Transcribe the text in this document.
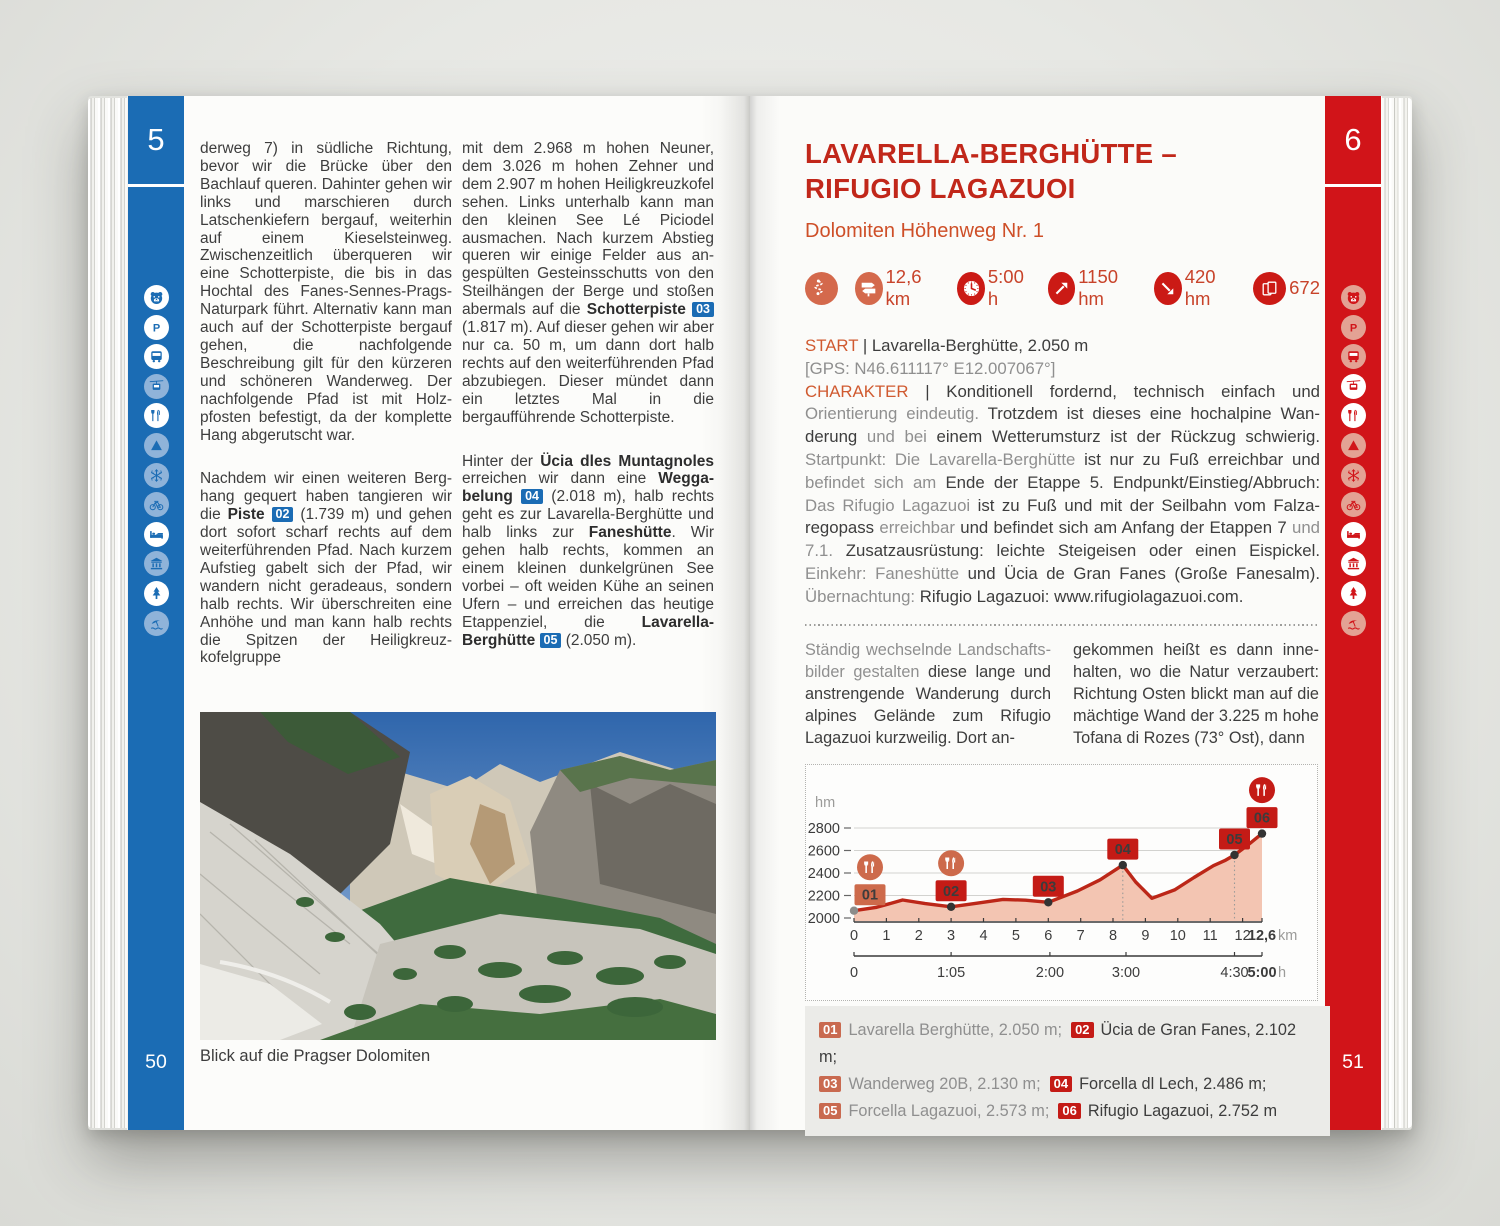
5
P
50

derweg 7) in südliche Richtung, bevor wir die Brücke über den Bachlauf queren. Dahinter gehen wir links und marschieren durch Latschenkiefern bergauf, weiterhin auf einem Kieselsteinweg. Zwischenzeitlich überqueren wir eine Schotterpiste, die bis in das Hochtal des Fanes-Sennes-Prags-Naturpark führt. Alternativ kann man auch auf der Schotterpiste bergauf gehen, die nachfolgende Beschreibung gilt für den kürzeren und schöneren Wanderweg. Der nachfolgende Pfad ist mit Holzpfosten befestigt, da der komplette Hang abgerutscht war.

Nachdem wir einen weiteren Berghang gequert haben tangieren wir die Piste 02 (1.739 m) und gehen dort sofort scharf rechts auf dem weiterführenden Pfad. Nach kurzem Aufstieg gabelt sich der Pfad, wir wandern nicht geradeaus, sondern halb rechts. Wir überschreiten eine Anhöhe und man kann halb rechts die Spitzen der Heiligkreuzkofelgruppe

mit dem 2.968 m hohen Neuner, dem 3.026 m hohen Zehner und dem 2.907 m hohen Heiligkreuzkofel sehen. Links unterhalb kann man den kleinen See Lé Piciodel ausmachen. Nach kurzem Abstieg queren wir einige Felder aus angespülten Gesteinsschutts von den Steilhängen der Berge und stoßen abermals auf die Schotterpiste 03 (1.817 m). Auf dieser gehen wir aber nur ca. 50 m, um dann dort halb rechts auf den weiterführenden Pfad abzubiegen. Dieser mündet dann ein letztes Mal in die bergaufführende Schotterpiste.

Hinter der Ücia dles Muntagnoles erreichen wir dann eine Weggabelung 04 (2.018 m), halb rechts geht es zur Lavarella-Berghütte und halb links zur Faneshütte. Wir gehen halb rechts, kommen an einem kleinen dunkelgrünen See vorbei – oft weiden Kühe an seinen Ufern – und erreichen das heutige Etappenziel, die Lavarella-Berghütte 05 (2.050 m).

Blick auf die Pragser Dolomiten
6
P
51
LAVARELLA-BERGHÜTTE –
RIFUGIO LAGAZUOI
Dolomiten Höhenweg Nr. 1
12,6 km
5:00 h
1150 hm
420 hm
672
START | Lavarella-Berghütte, 2.050 m
[GPS: N46.611117° E12.007067°]
CHARAKTER | Konditionell fordernd, technisch einfach und Orientierung eindeutig. Trotzdem ist dieses eine hochalpine Wanderung und bei einem Wetterumsturz ist der Rückzug schwierig. Startpunkt: Die Lavarella-Berghütte ist nur zu Fuß erreichbar und befindet sich am Ende der Etappe 5. Endpunkt/Einstieg/Abbruch: Das Rifugio Lagazuoi ist zu Fuß und mit der Seilbahn vom Falzaregopass erreichbar und befindet sich am Anfang der Etappen 7 und 7.1. Zusatzausrüstung: leichte Steigeisen oder einen Eispickel. Einkehr: Faneshütte und Ücia de Gran Fanes (Große Fanesalm). Übernachtung: Rifugio Lagazuoi: www.rifugiolagazuoi.com.
Ständig wechselnde Landschaftsbilder gestalten diese lange und anstrengende Wanderung durch alpines Gelände zum Rifugio Lagazuoi kurzweilig. Dort an-
gekommen heißt es dann innehalten, wo die Natur verzaubert: Richtung Osten blickt man auf die mächtige Wand der 3.225 m hohe Tofana di Rozes (73° Ost), dann
2000
2200
2400
2600
2800
hm
0 1 2 3 4 5 6 7 8 9 10 11 12
12,6 km
0	1:05	2:00	3:00	4:30
5:00 h
01	02	03
04
05
06
01 Lavarella Berghütte, 2.050 m; 02 Ücia de Gran Fanes, 2.102 m;
03 Wanderweg 20B, 2.130 m; 04 Forcella dl Lech, 2.486 m;
05 Forcella Lagazuoi, 2.573 m; 06 Rifugio Lagazuoi, 2.752 m
